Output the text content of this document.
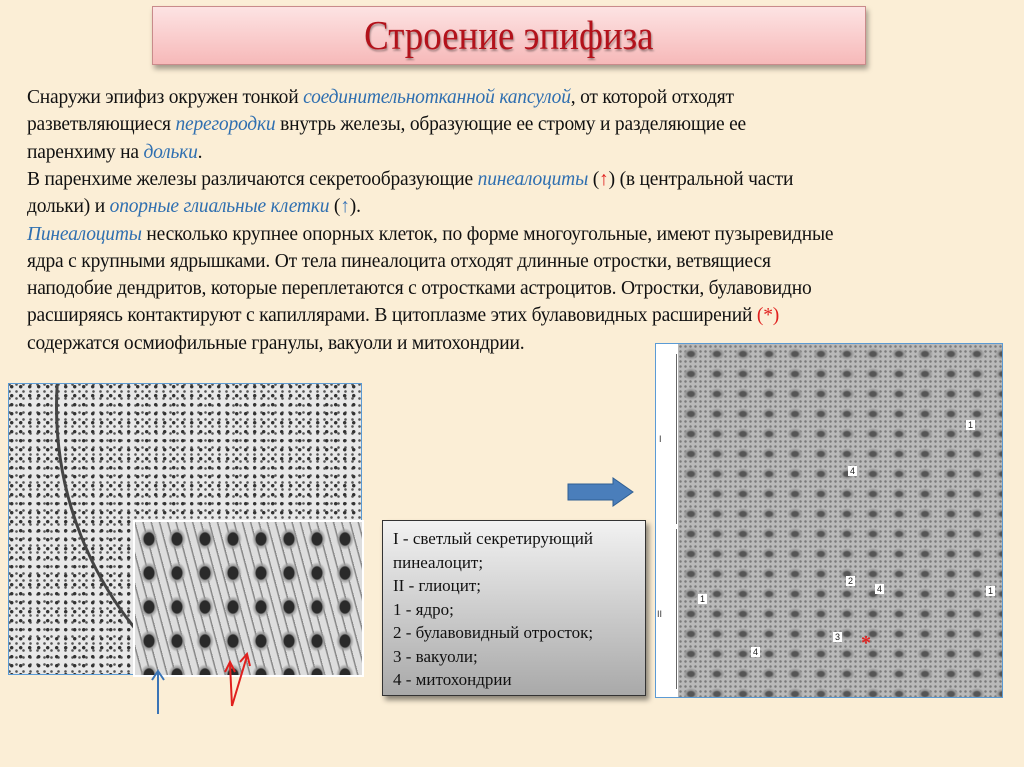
Строение эпифиза
Снаружи эпифиз окружен тонкой соединительнотканной капсулой, от которой отходят
разветвляющиеся перегородки внутрь железы, образующие ее строму и разделяющие ее
паренхиму на дольки.
В паренхиме железы различаются секретообразующие пинеалоциты (↑) (в центральной части
дольки) и опорные глиальные клетки (↑).
Пинеалоциты несколько крупнее опорных клеток, по форме многоугольные, имеют пузыревидные
ядра с крупными ядрышками. От тела пинеалоцита отходят длинные отростки, ветвящиеся
наподобие дендритов, которые переплетаются с отростками астроцитов. Отростки, булавовидно
расширяясь контактируют с капиллярами. В цитоплазме этих булавовидных расширений (*)
содержатся осмиофильные гранулы, вакуоли и митохондрии.
I - светлый секретирующий
пинеалоцит;
II - глиоцит;
1 - ядро;
2 - булавовидный отросток;
3 - вакуоли;
4 - митохондрии
I
II
1
1
1
2
3
4
4
4	*
